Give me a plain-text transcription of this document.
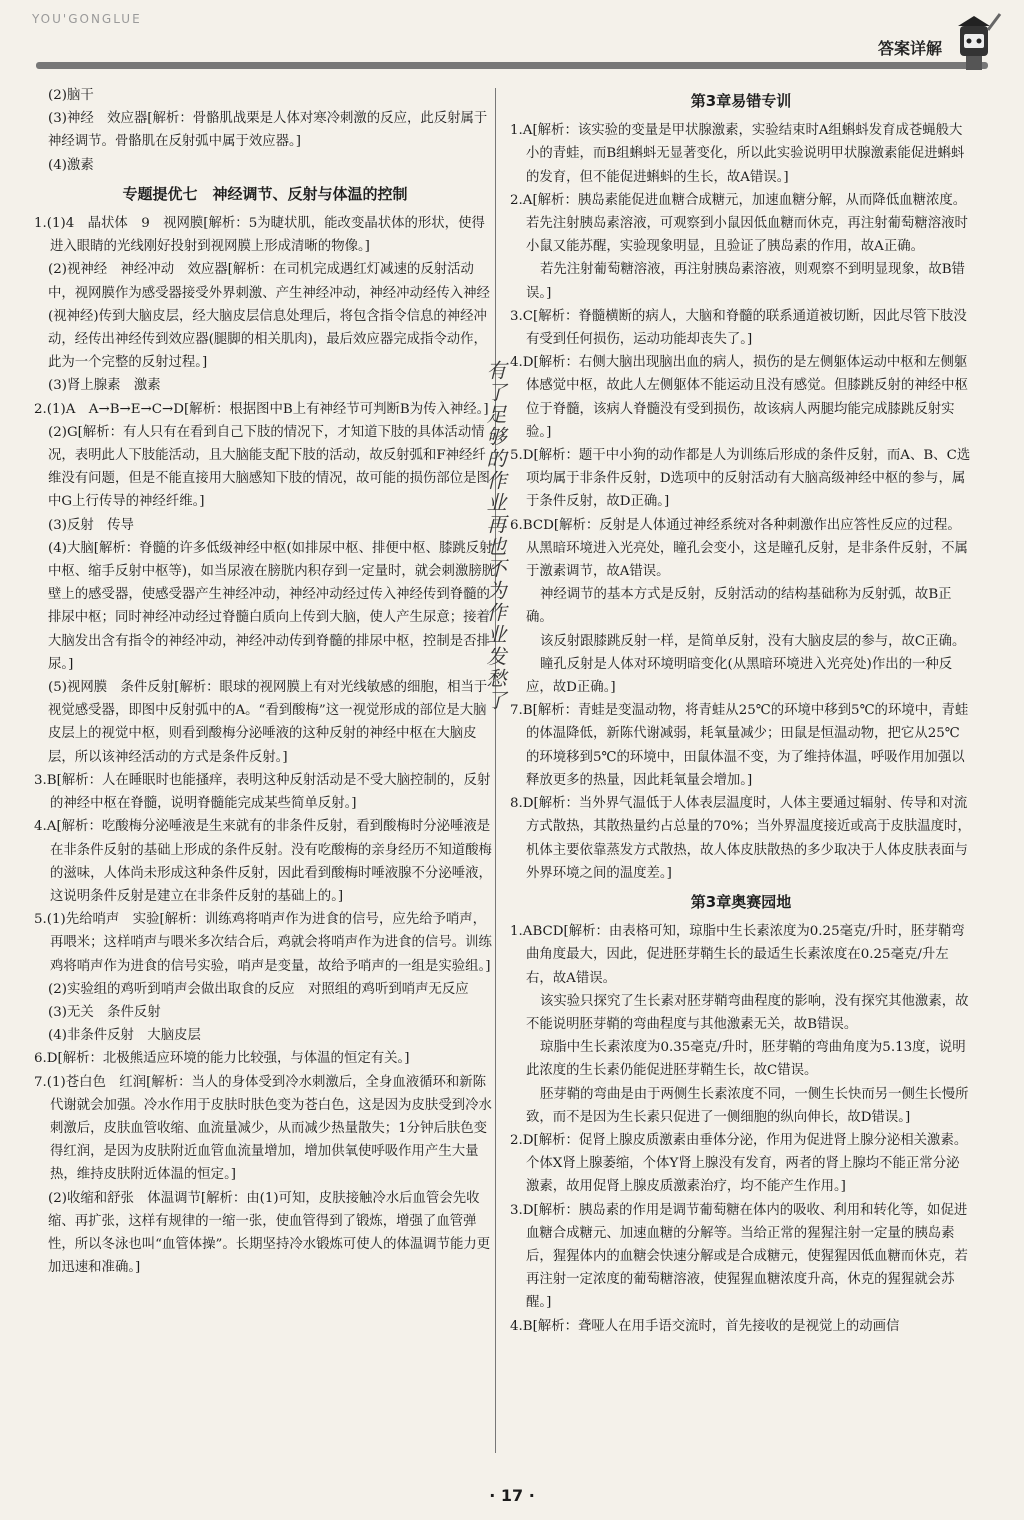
YOU'GONGLUE
答案详解

(2)脑干

(3)神经　效应器[解析：骨骼肌战栗是人体对寒冷刺激的反应，此反射属于神经调节。骨骼肌在反射弧中属于效应器。]

(4)激素

专题提优七　神经调节、反射与体温的控制

1.(1)4　晶状体　9　视网膜[解析：5为睫状肌，能改变晶状体的形状，使得进入眼睛的光线刚好投射到视网膜上形成清晰的物像。]

(2)视神经　神经冲动　效应器[解析：在司机完成遇红灯减速的反射活动中，视网膜作为感受器接受外界刺激、产生神经冲动，神经冲动经传入神经(视神经)传到大脑皮层，经大脑皮层信息处理后，将包含指令信息的神经冲动，经传出神经传到效应器(腿脚的相关肌肉)，最后效应器完成指令动作，此为一个完整的反射过程。]

(3)肾上腺素　激素

2.(1)A　A→B→E→C→D[解析：根据图中B上有神经节可判断B为传入神经。]

(2)G[解析：有人只有在看到自己下肢的情况下，才知道下肢的具体活动情况，表明此人下肢能活动，且大脑能支配下肢的活动，故反射弧和F神经纤维没有问题，但是不能直接用大脑感知下肢的情况，故可能的损伤部位是图中G上行传导的神经纤维。]

(3)反射　传导

(4)大脑[解析：脊髓的许多低级神经中枢(如排尿中枢、排便中枢、膝跳反射中枢、缩手反射中枢等)，如当尿液在膀胱内积存到一定量时，就会刺激膀胱壁上的感受器，使感受器产生神经冲动，神经冲动经过传入神经传到脊髓的排尿中枢；同时神经冲动经过脊髓白质向上传到大脑，使人产生尿意；接着大脑发出含有指令的神经冲动，神经冲动传到脊髓的排尿中枢，控制是否排尿。]

(5)视网膜　条件反射[解析：眼球的视网膜上有对光线敏感的细胞，相当于视觉感受器，即图中反射弧中的A。“看到酸梅”这一视觉形成的部位是大脑皮层上的视觉中枢，则看到酸梅分泌唾液的这种反射的神经中枢在大脑皮层，所以该神经活动的方式是条件反射。]

3.B[解析：人在睡眠时也能搔痒，表明这种反射活动是不受大脑控制的，反射的神经中枢在脊髓，说明脊髓能完成某些简单反射。]

4.A[解析：吃酸梅分泌唾液是生来就有的非条件反射，看到酸梅时分泌唾液是在非条件反射的基础上形成的条件反射。没有吃酸梅的亲身经历不知道酸梅的滋味，人体尚未形成这种条件反射，因此看到酸梅时唾液腺不分泌唾液，这说明条件反射是建立在非条件反射的基础上的。]

5.(1)先给哨声　实验[解析：训练鸡将哨声作为进食的信号，应先给予哨声，再喂米；这样哨声与喂米多次结合后，鸡就会将哨声作为进食的信号。训练鸡将哨声作为进食的信号实验，哨声是变量，故给予哨声的一组是实验组。]

(2)实验组的鸡听到哨声会做出取食的反应　对照组的鸡听到哨声无反应

(3)无关　条件反射

(4)非条件反射　大脑皮层

6.D[解析：北极熊适应环境的能力比较强，与体温的恒定有关。]

7.(1)苍白色　红润[解析：当人的身体受到冷水刺激后，全身血液循环和新陈代谢就会加强。冷水作用于皮肤时肤色变为苍白色，这是因为皮肤受到冷水刺激后，皮肤血管收缩、血流量减少，从而减少热量散失；1分钟后肤色变得红润，是因为皮肤附近血管血流量增加，增加供氧使呼吸作用产生大量热，维持皮肤附近体温的恒定。]

(2)收缩和舒张　体温调节[解析：由(1)可知，皮肤接触冷水后血管会先收缩、再扩张，这样有规律的一缩一张，使血管得到了锻炼，增强了血管弹性，所以冬泳也叫“血管体操”。长期坚持冷水锻炼可使人的体温调节能力更加迅速和准确。]

第3章易错专训

1.A[解析：该实验的变量是甲状腺激素，实验结束时A组蝌蚪发育成苍蝇般大小的青蛙，而B组蝌蚪无显著变化，所以此实验说明甲状腺激素能促进蝌蚪的发育，但不能促进蝌蚪的生长，故A错误。]

2.A[解析：胰岛素能促进血糖合成糖元，加速血糖分解，从而降低血糖浓度。若先注射胰岛素溶液，可观察到小鼠因低血糖而休克，再注射葡萄糖溶液时小鼠又能苏醒，实验现象明显，且验证了胰岛素的作用，故A正确。

若先注射葡萄糖溶液，再注射胰岛素溶液，则观察不到明显现象，故B错误。]

3.C[解析：脊髓横断的病人，大脑和脊髓的联系通道被切断，因此尽管下肢没有受到任何损伤，运动功能却丧失了。]

4.D[解析：右侧大脑出现脑出血的病人，损伤的是左侧躯体运动中枢和左侧躯体感觉中枢，故此人左侧躯体不能运动且没有感觉。但膝跳反射的神经中枢位于脊髓，该病人脊髓没有受到损伤，故该病人两腿均能完成膝跳反射实验。]

5.D[解析：题干中小狗的动作都是人为训练后形成的条件反射，而A、B、C选项均属于非条件反射，D选项中的反射活动有大脑高级神经中枢的参与，属于条件反射，故D正确。]

6.BCD[解析：反射是人体通过神经系统对各种刺激作出应答性反应的过程。从黑暗环境进入光亮处，瞳孔会变小，这是瞳孔反射，是非条件反射，不属于激素调节，故A错误。

神经调节的基本方式是反射，反射活动的结构基础称为反射弧，故B正确。

该反射跟膝跳反射一样，是简单反射，没有大脑皮层的参与，故C正确。

瞳孔反射是人体对环境明暗变化(从黑暗环境进入光亮处)作出的一种反应，故D正确。]

7.B[解析：青蛙是变温动物，将青蛙从25℃的环境中移到5℃的环境中，青蛙的体温降低，新陈代谢减弱，耗氧量减少；田鼠是恒温动物，把它从25℃的环境移到5℃的环境中，田鼠体温不变，为了维持体温，呼吸作用加强以释放更多的热量，因此耗氧量会增加。]

8.D[解析：当外界气温低于人体表层温度时，人体主要通过辐射、传导和对流方式散热，其散热量约占总量的70%；当外界温度接近或高于皮肤温度时，机体主要依靠蒸发方式散热，故人体皮肤散热的多少取决于人体皮肤表面与外界环境之间的温度差。]

第3章奥赛园地

1.ABCD[解析：由表格可知，琼脂中生长素浓度为0.25毫克/升时，胚芽鞘弯曲角度最大，因此，促进胚芽鞘生长的最适生长素浓度在0.25毫克/升左右，故A错误。

该实验只探究了生长素对胚芽鞘弯曲程度的影响，没有探究其他激素，故不能说明胚芽鞘的弯曲程度与其他激素无关，故B错误。

琼脂中生长素浓度为0.35毫克/升时，胚芽鞘的弯曲角度为5.13度，说明此浓度的生长素仍能促进胚芽鞘生长，故C错误。

胚芽鞘的弯曲是由于两侧生长素浓度不同，一侧生长快而另一侧生长慢所致，而不是因为生长素只促进了一侧细胞的纵向伸长，故D错误。]

2.D[解析：促肾上腺皮质激素由垂体分泌，作用为促进肾上腺分泌相关激素。个体X肾上腺萎缩，个体Y肾上腺没有发育，两者的肾上腺均不能正常分泌激素，故用促肾上腺皮质激素治疗，均不能产生作用。]

3.D[解析：胰岛素的作用是调节葡萄糖在体内的吸收、利用和转化等，如促进血糖合成糖元、加速血糖的分解等。当给正常的猩猩注射一定量的胰岛素后，猩猩体内的血糖会快速分解或是合成糖元，使猩猩因低血糖而休克，若再注射一定浓度的葡萄糖溶液，使猩猩血糖浓度升高，休克的猩猩就会苏醒。]

4.B[解析：聋哑人在用手语交流时，首先接收的是视觉上的动画信

有了足够的作业再也不为作业发愁了
· 17 ·
